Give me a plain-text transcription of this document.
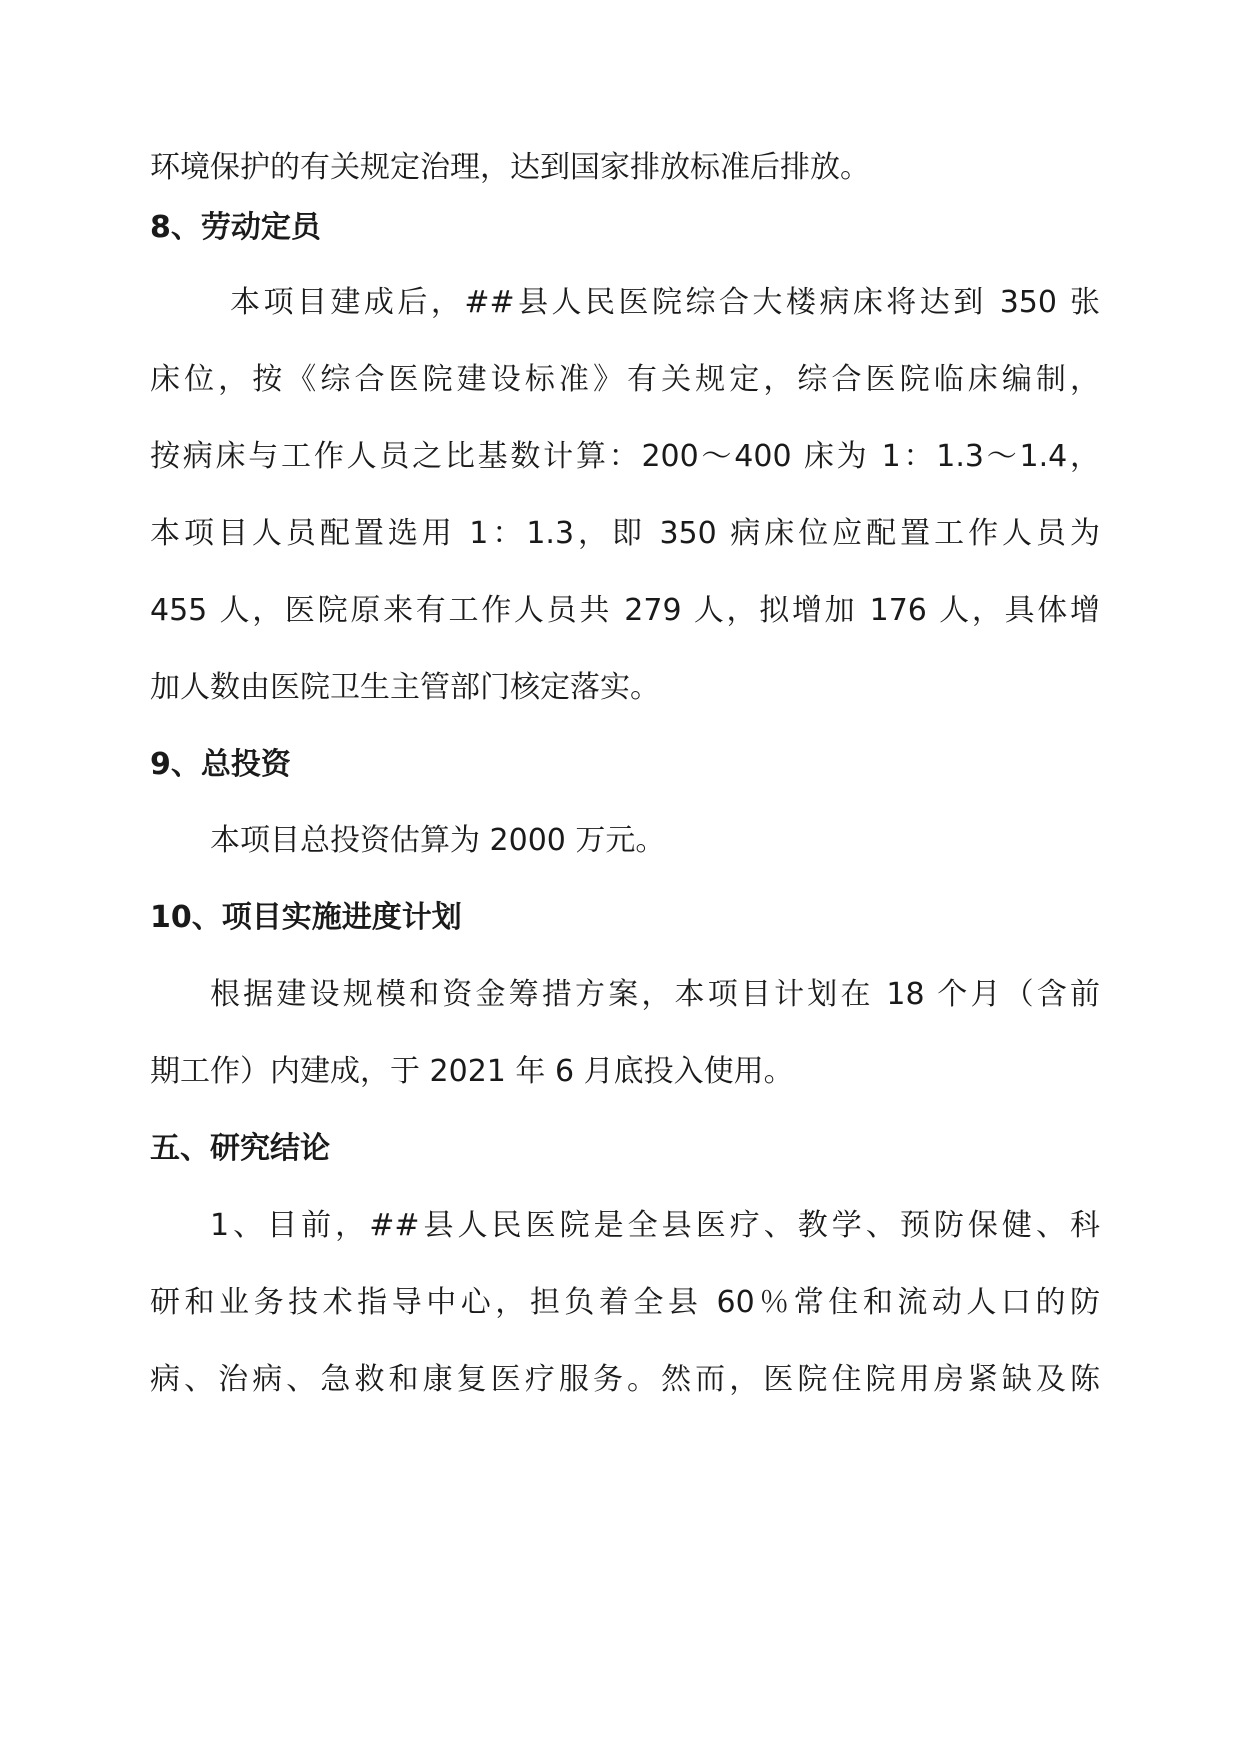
环境保护的有关规定治理，达到国家排放标准后排放。
8、劳动定员
本项目建成后，##县人民医院综合大楼病床将达到 350 张
床位，按《综合医院建设标准》有关规定，综合医院临床编制，
按病床与工作人员之比基数计算：200～400 床为 1：1.3～1.4，
本项目人员配置选用 1：1.3，即 350 病床位应配置工作人员为
455 人，医院原来有工作人员共 279 人，拟增加 176 人，具体增
加人数由医院卫生主管部门核定落实。
9、总投资
本项目总投资估算为 2000 万元。
10、项目实施进度计划
根据建设规模和资金筹措方案，本项目计划在 18 个月（含前
期工作）内建成，于 2021 年 6 月底投入使用。
五、研究结论
1、目前，##县人民医院是全县医疗、教学、预防保健、科
研和业务技术指导中心，担负着全县 60％常住和流动人口的防
病、治病、急救和康复医疗服务。然而，医院住院用房紧缺及陈
